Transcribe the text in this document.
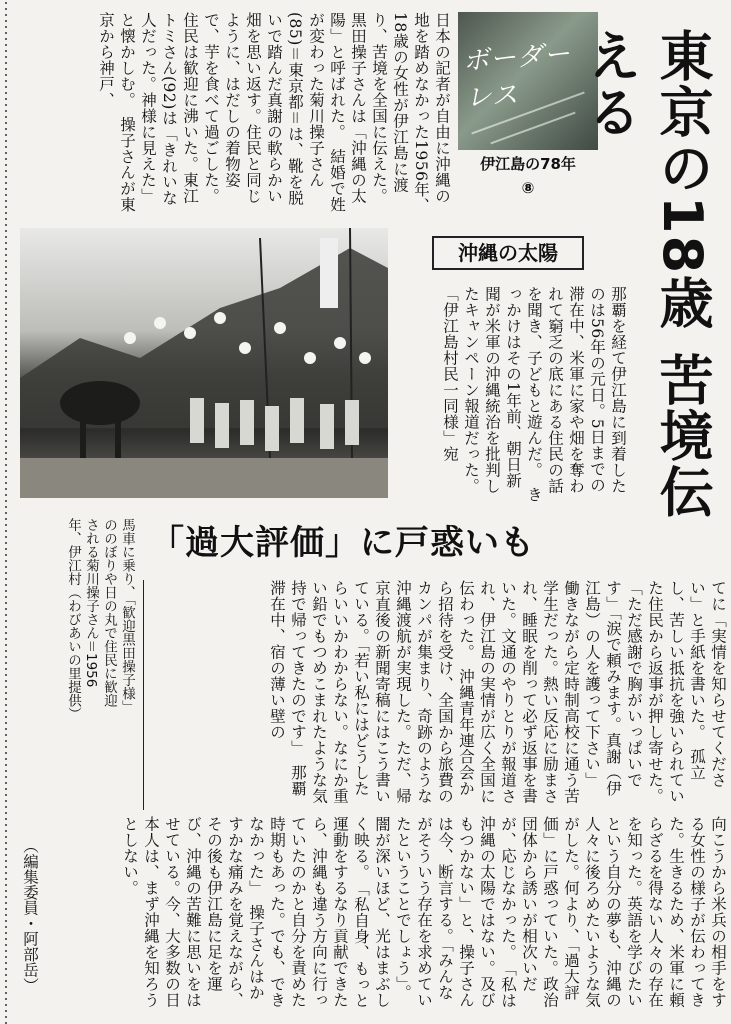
ボーダーレス
伊江島の78年
⑧	東京の18歳 苦境伝える
日本の記者が自由に沖縄の地を踏めなかった1956年、18歳の女性が伊江島に渡り、苦境を全国に伝えた。黒田操子さんは「沖縄の太陽」と呼ばれた。　結婚で姓が変わった菊川操子さん(85)＝東京都＝は、靴を脱いで踏んだ真謝の軟らかい畑を思い返す。住民と同じように、はだしの着物姿で、芋を食べて過ごした。　住民は歓迎に沸いた。東江トミさん(92)は「きれいな人だった。神様に見えた」と懐かしむ。　操子さんが東京から神戸、
沖縄の太陽
那覇を経て伊江島に到着したのは56年の元日。5日までの滞在中、米軍に家や畑を奪われて窮乏の底にある住民の話を聞き、子どもと遊んだ。　きっかけはその1年前、朝日新聞が米軍の沖縄統治を批判したキャンペーン報道だった。「伊江島村民一同様」宛
「過大評価」に戸惑いも
馬車に乗り、「歓迎黒田操子様」ののぼりや日の丸で住民に歓迎される菊川操子さん＝1956年、伊江村（わびあいの里提供）	てに「実情を知らせてください」と手紙を書いた。　孤立し、苦しい抵抗を強いられていた住民から返事が押し寄せた。「ただ感謝で胸がいっぱいです」「涙で頼みます。真謝（伊江島）の人を護って下さい」　働きながら定時制高校に通う苦学生だった。熱い反応に励まされ、睡眠を削って必ず返事を書いた。文通のやりとりが報道され、伊江島の実情が広く全国に伝わった。　沖縄青年連合会から招待を受け、全国から旅費のカンパが集まり、奇跡のような沖縄渡航が実現した。ただ、帰京直後の新聞寄稿にはこう書いている。「若い私にはどうしたらいいかわからない。なにか重い鉛でもつめこまれたような気持で帰ってきたのです」　那覇滞在中、宿の薄い壁の
向こうから米兵の相手をする女性の様子が伝わってきた。生きるため、米軍に頼らざるを得ない人々の存在を知った。英語を学びたいという自分の夢も、沖縄の人々に後ろめたいような気がした。何より、「過大評価」に戸惑っていた。政治団体から誘いが相次いだが、応じなかった。　「私は沖縄の太陽ではない。及びもつかない」と、操子さんは今、断言する。「みんながそういう存在を求めていたということでしょう」。闇が深いほど、光はまぶしく映る。　「私自身、もっと運動をするなり貢献できたら、沖縄も違う方向に行っていたのかと自分を責めた時期もあった。でも、できなかった」　操子さんはかすかな痛みを覚えながら、その後も伊江島に足を運び、沖縄の苦難に思いをはせている。今、大多数の日本人は、まず沖縄を知ろうとしない。
（編集委員・阿部岳）
